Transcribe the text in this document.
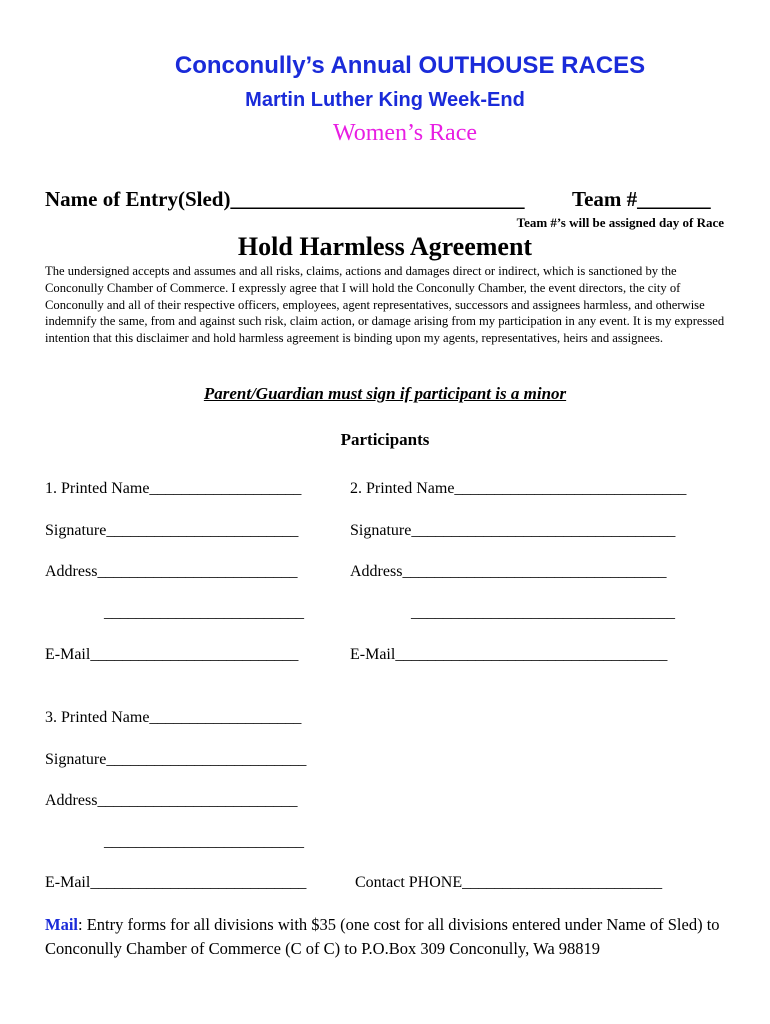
Conconully’s Annual OUTHOUSE RACES
Martin Luther King Week-End
Women’s Race
Name of Entry(Sled)____________________________ Team #_______
Team #’s will be assigned day of Race
Hold Harmless Agreement
The undersigned accepts and assumes and all risks, claims, actions and damages direct or indirect, which is sanctioned by the Conconully Chamber of Commerce. I expressly agree that I will hold the Conconully Chamber, the event directors, the city of Conconully and all of their respective officers, employees, agent representatives, successors and assignees harmless, and otherwise indemnify the same, from and against such risk, claim action, or damage arising from my participation in any event. It is my expressed intention that this disclaimer and hold harmless agreement is binding upon my agents, representatives, heirs and assignees.
Parent/Guardian must sign if participant is a minor
Participants
1. Printed Name___________________
Signature________________________
Address_________________________
_________________________
E-Mail__________________________
2. Printed Name_____________________________
Signature_________________________________
Address_________________________________
_________________________________
E-Mail__________________________________
3. Printed Name___________________
Signature_________________________
Address_________________________
_________________________
E-Mail___________________________	Contact PHONE_________________________
Mail: Entry forms for all divisions with $35 (one cost for all divisions entered under Name of Sled) to Conconully Chamber of Commerce (C of C) to P.O.Box 309 Conconully, Wa 98819
